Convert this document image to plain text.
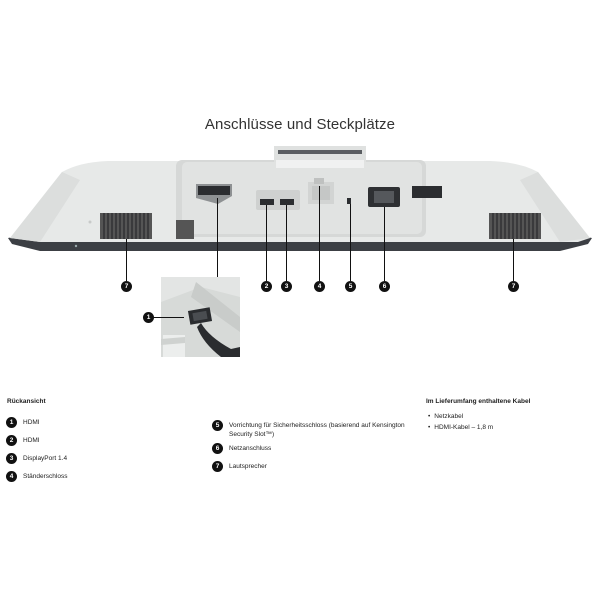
Anschlüsse und Steckplätze
1
2	3	4	5	6
7	7
Rückansicht
1	HDMI
2	HDMI
3	DisplayPort 1.4
4	Ständerschloss
5	Vorrichtung für Sicherheitsschloss (basierend auf Kensington Security Slot™)
6	Netzanschluss
7	Lautsprecher
Im Lieferumfang enthaltene Kabel
• Netzkabel
• HDMI-Kabel – 1,8 m
